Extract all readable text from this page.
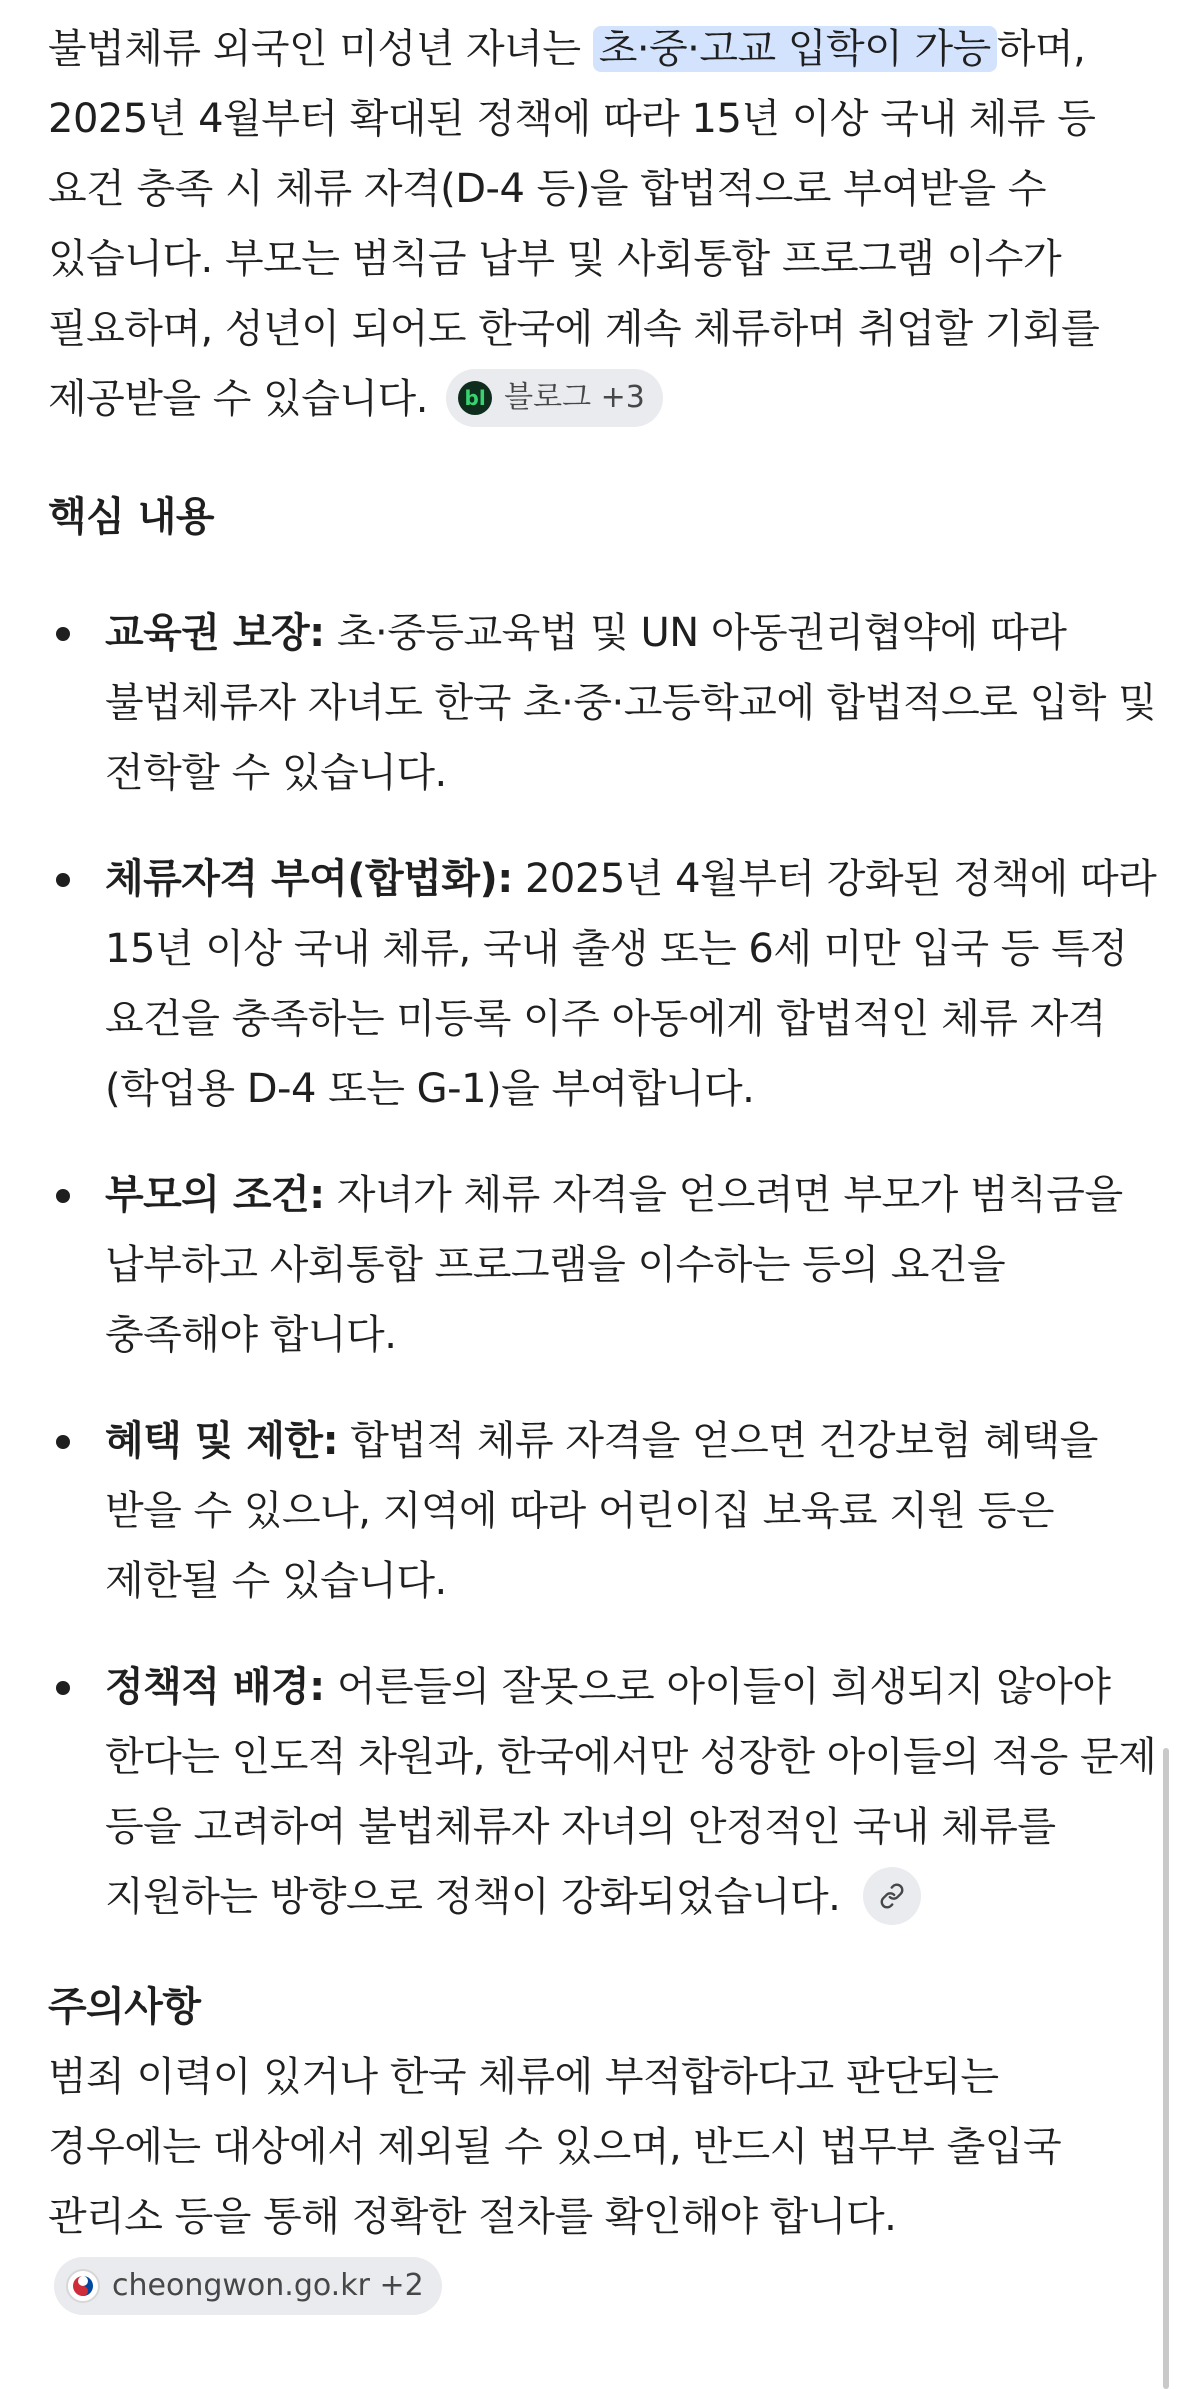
불법체류 외국인 미성년 자녀는 초·중·고교 입학이 가능 하며, 2025년 4월부터 확대된 정책에 따라 15년 이상 국내 체류 등 요건 충족 시 체류 자격(D-4 등)을 합법적으로 부여받을 수 있습니다. 부모는 범칙금 납부 및 사회통합 프로그램 이수가 필요하며, 성년이 되어도 한국에 계속 체류하며 취업할 기회를 제공받을 수 있습니다.	bl 블로그 +3

핵심 내용
교육권 보장: 초·중등교육법 및 UN 아동권리협약에 따라 불법체류자 자녀도 한국 초·중·고등학교에 합법적으로 입학 및 전학할 수 있습니다.
체류자격 부여(합법화): 2025년 4월부터 강화된 정책에 따라 15년 이상 국내 체류, 국내 출생 또는 6세 미만 입국 등 특정 요건을 충족하는 미등록 이주 아동에게 합법적인 체류 자격(학업용 D-4 또는 G-1)을 부여합니다.
부모의 조건: 자녀가 체류 자격을 얻으려면 부모가 범칙금을 납부하고 사회통합 프로그램을 이수하는 등의 요건을 충족해야 합니다.
혜택 및 제한: 합법적 체류 자격을 얻으면 건강보험 혜택을 받을 수 있으나, 지역에 따라 어린이집 보육료 지원 등은 제한될 수 있습니다.
정책적 배경: 어른들의 잘못으로 아이들이 희생되지 않아야 한다는 인도적 차원과, 한국에서만 성장한 아이들의 적응 문제 등을 고려하여 불법체류자 자녀의 안정적인 국내 체류를 지원하는 방향으로 정책이 강화되었습니다.
주의사항

범죄 이력이 있거나 한국 체류에 부적합하다고 판단되는 경우에는 대상에서 제외될 수 있으며, 반드시 법무부 출입국 관리소 등을 통해 정확한 절차를 확인해야 합니다.
cheongwon.go.kr +2
